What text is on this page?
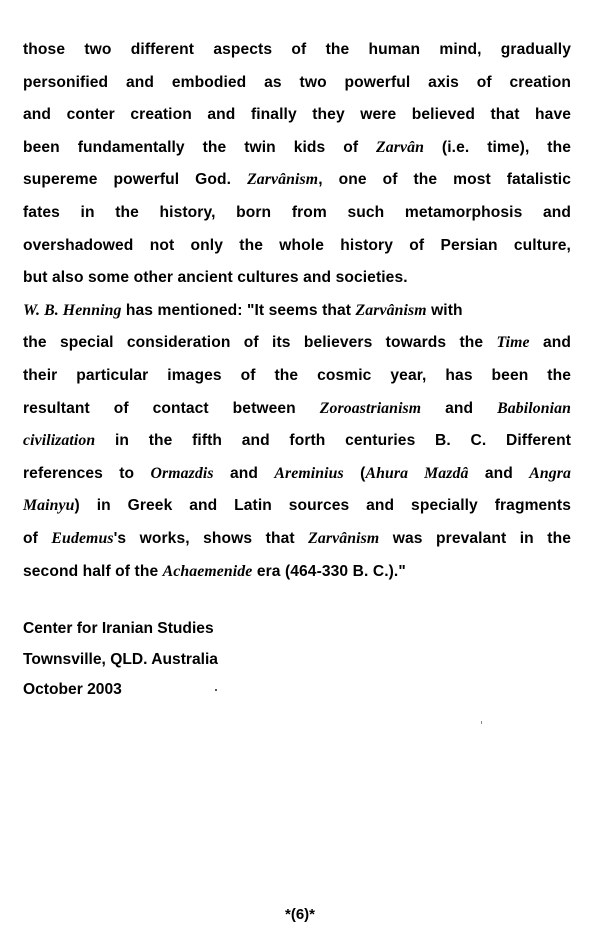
those two different aspects of the human mind, gradually
personified and embodied as two powerful axis of creation
and conter creation and finally they were believed that have
been fundamentally the twin kids of Zarvân (i.e. time), the
supereme powerful God. Zarvânism, one of the most fatalistic
fates in the history, born from such metamorphosis and
overshadowed not only the whole history of Persian culture,
but also some other ancient cultures and societies.
W. B. Henning has mentioned: "It seems that Zarvânism with
the special consideration of its believers towards the Time and
their particular images of the cosmic year, has been the
resultant of contact between Zoroastrianism and Babilonian
civilization in the fifth and forth centuries B. C. Different
references to Ormazdis and Areminius (Ahura Mazdâ and Angra
Mainyu) in Greek and Latin sources and specially fragments
of Eudemus's works, shows that Zarvânism was prevalant in the
second half of the Achaemenide era (464-330 B. C.)."
Center for Iranian Studies
Townsville, QLD. Australia
October 2003
*(6)*
